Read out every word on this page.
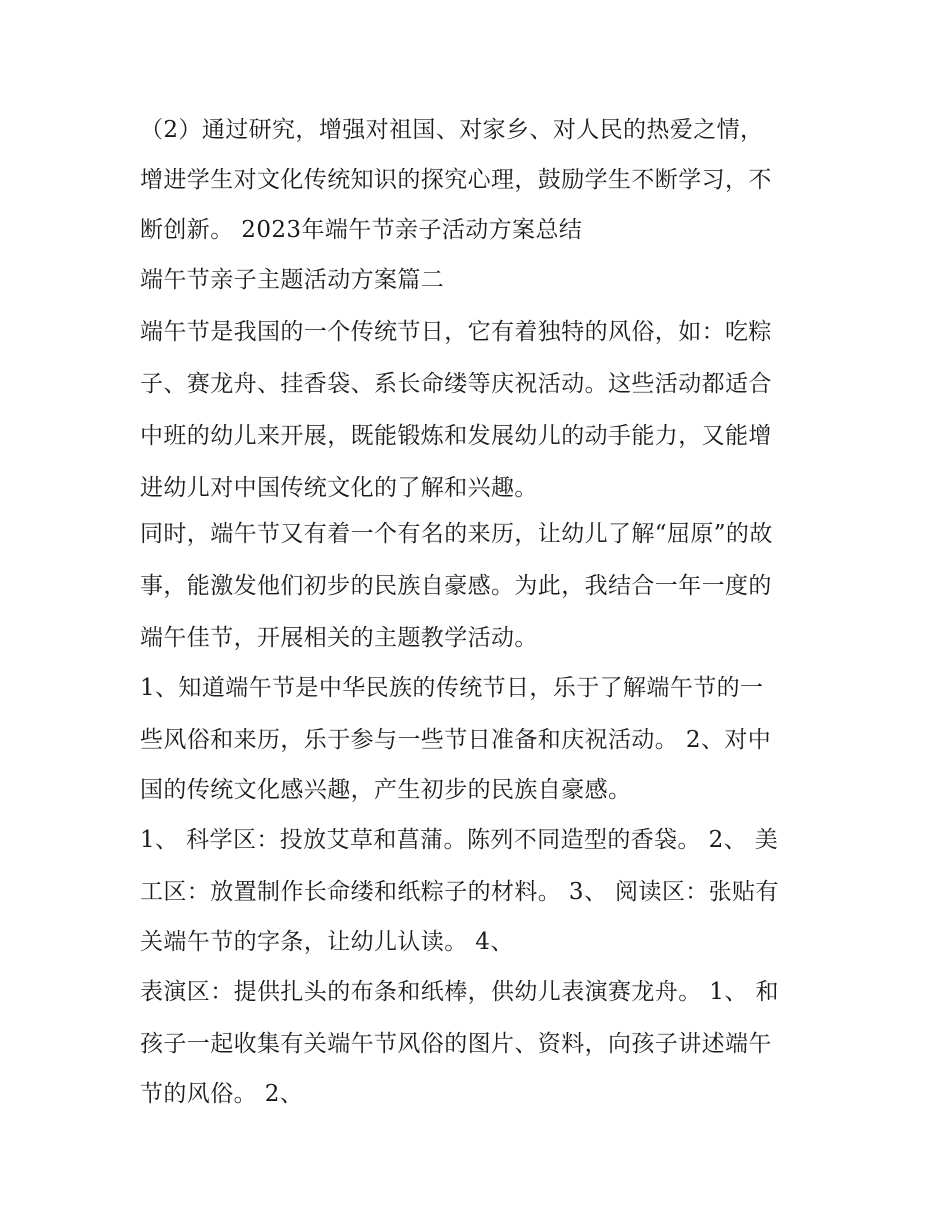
（2）通过研究，增强对祖国、对家乡、对人民的热爱之情，
增进学生对文化传统知识的探究心理，鼓励学生不断学习，不
断创新。 2023年端午节亲子活动方案总结
端午节亲子主题活动方案篇二
端午节是我国的一个传统节日，它有着独特的风俗，如：吃粽
子、赛龙舟、挂香袋、系长命缕等庆祝活动。这些活动都适合
中班的幼儿来开展，既能锻炼和发展幼儿的动手能力，又能增
进幼儿对中国传统文化的了解和兴趣。
同时，端午节又有着一个有名的来历，让幼儿了解“屈原”的故
事，能激发他们初步的民族自豪感。为此，我结合一年一度的
端午佳节，开展相关的主题教学活动。
1、知道端午节是中华民族的传统节日，乐于了解端午节的一
些风俗和来历，乐于参与一些节日准备和庆祝活动。 2、对中
国的传统文化感兴趣，产生初步的民族自豪感。
1、 科学区：投放艾草和菖蒲。陈列不同造型的香袋。 2、 美
工区：放置制作长命缕和纸粽子的材料。 3、 阅读区：张贴有
关端午节的字条，让幼儿认读。 4、
表演区：提供扎头的布条和纸棒，供幼儿表演赛龙舟。 1、 和
孩子一起收集有关端午节风俗的图片、资料，向孩子讲述端午
节的风俗。 2、
